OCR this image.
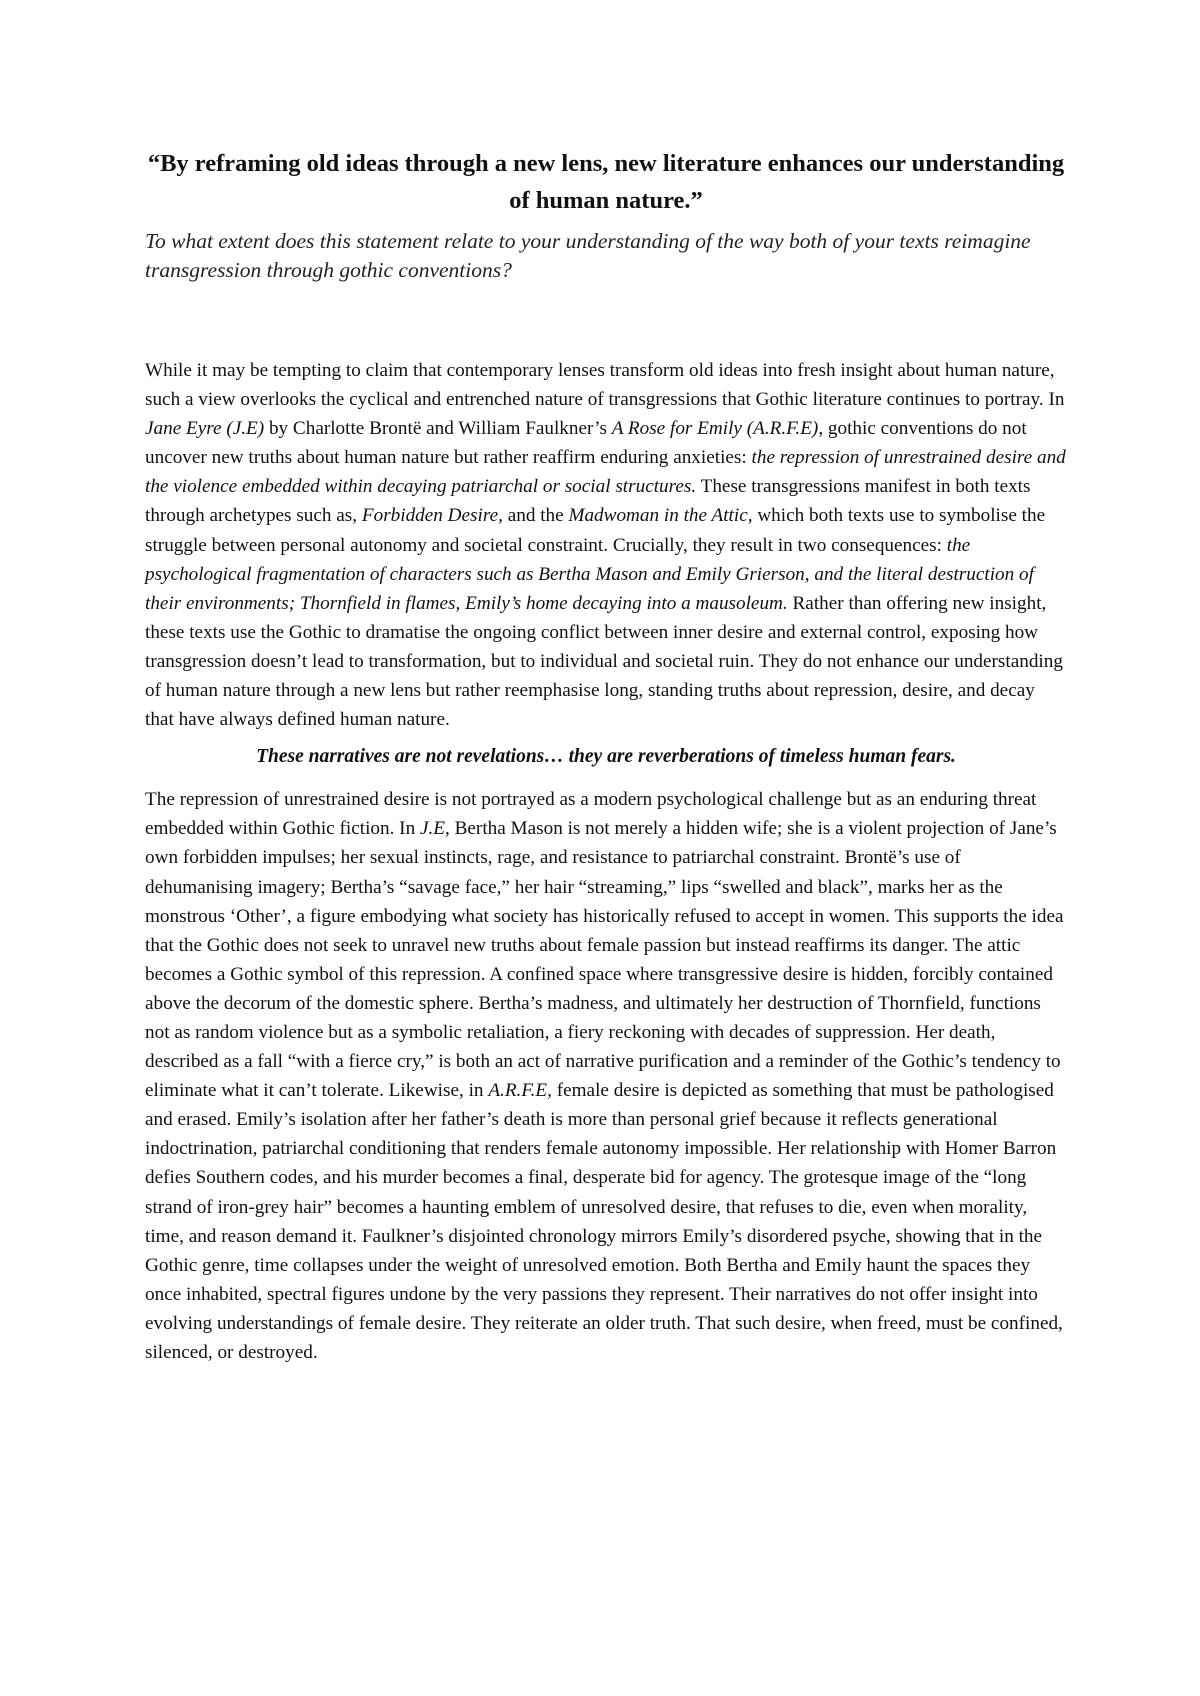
“By reframing old ideas through a new lens, new literature enhances our understanding of human nature.”

To what extent does this statement relate to your understanding of the way both of your texts reimagine transgression through gothic conventions?

While it may be tempting to claim that contemporary lenses transform old ideas into fresh insight about human nature, such a view overlooks the cyclical and entrenched nature of transgressions that Gothic literature continues to portray. In Jane Eyre (J.E) by Charlotte Brontë and William Faulkner’s A Rose for Emily (A.R.F.E), gothic conventions do not uncover new truths about human nature but rather reaffirm enduring anxieties: the repression of unrestrained desire and the violence embedded within decaying patriarchal or social structures. These transgressions manifest in both texts through archetypes such as, Forbidden Desire, and the Madwoman in the Attic, which both texts use to symbolise the struggle between personal autonomy and societal constraint. Crucially, they result in two consequences: the psychological fragmentation of characters such as Bertha Mason and Emily Grierson, and the literal destruction of their environments; Thornfield in flames, Emily’s home decaying into a mausoleum. Rather than offering new insight, these texts use the Gothic to dramatise the ongoing conflict between inner desire and external control, exposing how transgression doesn’t lead to transformation, but to individual and societal ruin. They do not enhance our understanding of human nature through a new lens but rather reemphasise long, standing truths about repression, desire, and decay that have always defined human nature.

These narratives are not revelations… they are reverberations of timeless human fears.

The repression of unrestrained desire is not portrayed as a modern psychological challenge but as an enduring threat embedded within Gothic fiction. In J.E, Bertha Mason is not merely a hidden wife; she is a violent projection of Jane’s own forbidden impulses; her sexual instincts, rage, and resistance to patriarchal constraint. Brontë’s use of dehumanising imagery; Bertha’s “savage face,” her hair “streaming,” lips “swelled and black”, marks her as the monstrous ‘Other’, a figure embodying what society has historically refused to accept in women. This supports the idea that the Gothic does not seek to unravel new truths about female passion but instead reaffirms its danger. The attic becomes a Gothic symbol of this repression. A confined space where transgressive desire is hidden, forcibly contained above the decorum of the domestic sphere. Bertha’s madness, and ultimately her destruction of Thornfield, functions not as random violence but as a symbolic retaliation, a fiery reckoning with decades of suppression. Her death, described as a fall “with a fierce cry,” is both an act of narrative purification and a reminder of the Gothic’s tendency to eliminate what it can’t tolerate. Likewise, in A.R.F.E, female desire is depicted as something that must be pathologised and erased. Emily’s isolation after her father’s death is more than personal grief because it reflects generational indoctrination, patriarchal conditioning that renders female autonomy impossible. Her relationship with Homer Barron defies Southern codes, and his murder becomes a final, desperate bid for agency. The grotesque image of the “long strand of iron-grey hair” becomes a haunting emblem of unresolved desire, that refuses to die, even when morality, time, and reason demand it. Faulkner’s disjointed chronology mirrors Emily’s disordered psyche, showing that in the Gothic genre, time collapses under the weight of unresolved emotion. Both Bertha and Emily haunt the spaces they once inhabited, spectral figures undone by the very passions they represent. Their narratives do not offer insight into evolving understandings of female desire. They reiterate an older truth. That such desire, when freed, must be confined, silenced, or destroyed.
